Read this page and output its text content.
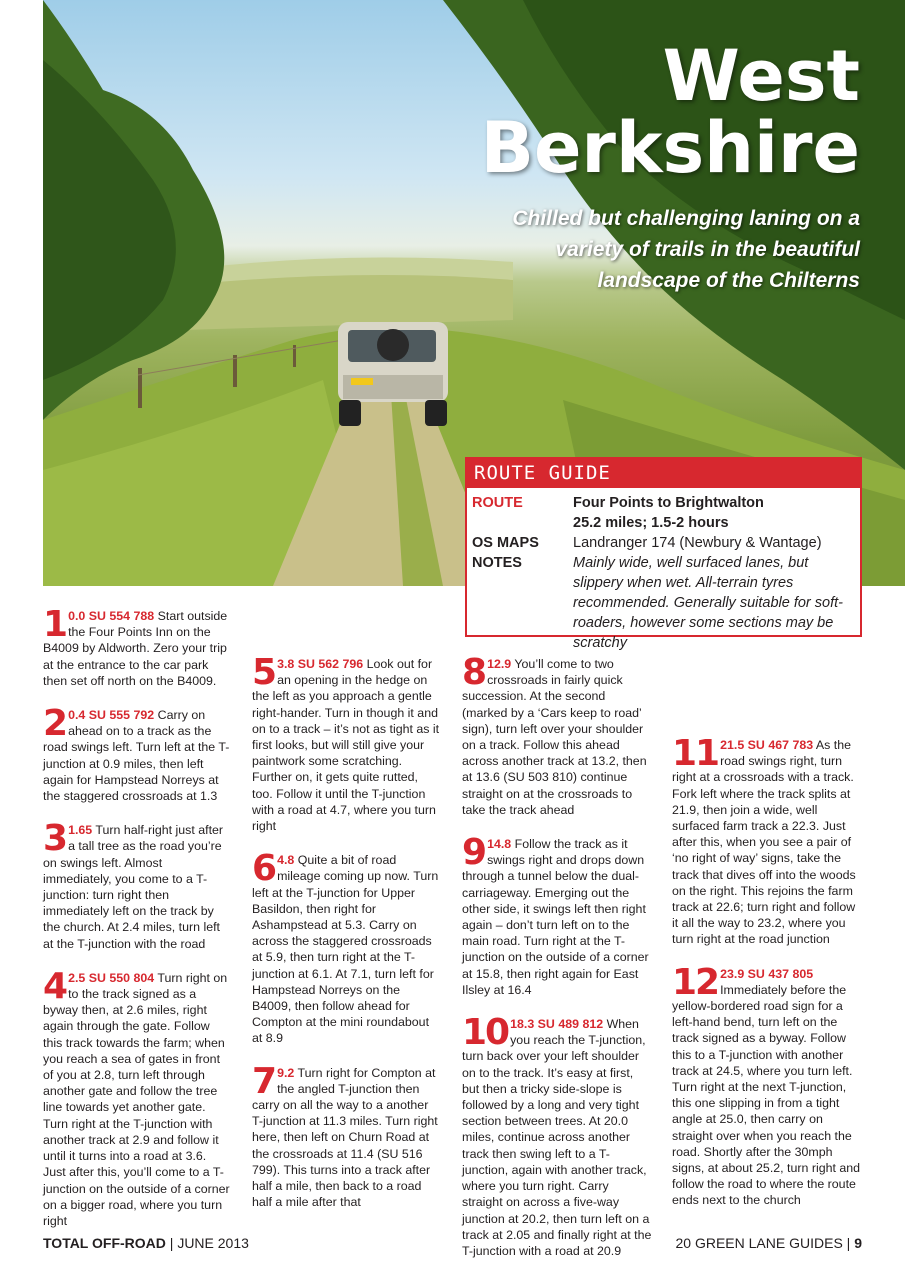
West
Berkshire
Chilled but challenging laning on a variety of trails in the beautiful landscape of the Chilterns
ROUTE GUIDE
ROUTE	Four Points to Brightwalton
25.2 miles; 1.5-2 hours
OS MAPS Landranger 174 (Newbury & Wantage)
NOTES	Mainly wide, well surfaced lanes, but slippery when wet. All-terrain tyres recommended. Generally suitable for soft-roaders, however some sections may be scratchy
1 0.0 SU 554 788 Start outside the Four Points Inn on the B4009 by Aldworth. Zero your trip at the entrance to the car park then set off north on the B4009.
2 0.4 SU 555 792 Carry on ahead on to a track as the road swings left. Turn left at the T-junction at 0.9 miles, then left again for Hampstead Norreys at the staggered crossroads at 1.3
3 1.65 Turn half-right just after a tall tree as the road you’re on swings left. Almost immediately, you come to a T-junction: turn right then immediately left on the track by the church. At 2.4 miles, turn left at the T-junction with the road
4 2.5 SU 550 804 Turn right on to the track signed as a byway then, at 2.6 miles, right again through the gate. Follow this track towards the farm; when you reach a sea of gates in front of you at 2.8, turn left through another gate and follow the tree line towards yet another gate. Turn right at the T-junction with another track at 2.9 and follow it until it turns into a road at 3.6. Just after this, you’ll come to a T-junction on the outside of a corner on a bigger road, where you turn right
5 3.8 SU 562 796 Look out for an opening in the hedge on the left as you approach a gentle right-hander. Turn in though it and on to a track – it’s not as tight as it first looks, but will still give your paintwork some scratching. Further on, it gets quite rutted, too. Follow it until the T-junction with a road at 4.7, where you turn right
6 4.8 Quite a bit of road mileage coming up now. Turn left at the T-junction for Upper Basildon, then right for Ashampstead at 5.3. Carry on across the staggered crossroads at 5.9, then turn right at the T-junction at 6.1. At 7.1, turn left for Hampstead Norreys on the B4009, then follow ahead for Compton at the mini roundabout at 8.9
7 9.2 Turn right for Compton at the angled T-junction then carry on all the way to a another T-junction at 11.3 miles. Turn right here, then left on Churn Road at the crossroads at 11.4 (SU 516 799). This turns into a track after half a mile, then back to a road half a mile after that
8 12.9 You’ll come to two crossroads in fairly quick succession. At the second (marked by a ‘Cars keep to road’ sign), turn left over your shoulder on a track. Follow this ahead across another track at 13.2, then at 13.6 (SU 503 810) continue straight on at the crossroads to take the track ahead
9 14.8 Follow the track as it swings right and drops down through a tunnel below the dual-carriageway. Emerging out the other side, it swings left then right again – don’t turn left on to the main road. Turn right at the T-junction on the outside of a corner at 15.8, then right again for East Ilsley at 16.4
10 18.3 SU 489 812 When you reach the T-junction, turn back over your left shoulder on to the track. It’s easy at first, but then a tricky side-slope is followed by a long and very tight section between trees. At 20.0 miles, continue across another track then swing left to a T-junction, again with another track, where you turn right. Carry straight on across a five-way junction at 20.2, then turn left on a track at 2.05 and finally right at the T-junction with a road at 20.9
11 21.5 SU 467 783 As the road swings right, turn right at a crossroads with a track. Fork left where the track splits at 21.9, then join a wide, well surfaced farm track a 22.3. Just after this, when you see a pair of ‘no right of way’ signs, take the track that dives off into the woods on the right. This rejoins the farm track at 22.6; turn right and follow it all the way to 23.2, where you turn right at the road junction
12 23.9 SU 437 805 Immediately before the yellow-bordered road sign for a left-hand bend, turn left on the track signed as a byway. Follow this to a T-junction with another track at 24.5, where you turn left. Turn right at the next T-junction, this one slipping in from a tight angle at 25.0, then carry on straight over when you reach the road. Shortly after the 30mph signs, at about 25.2, turn right and follow the road to where the route ends next to the church
TOTAL OFF-ROAD | JUNE 2013	20 GREEN LANE GUIDES | 9
